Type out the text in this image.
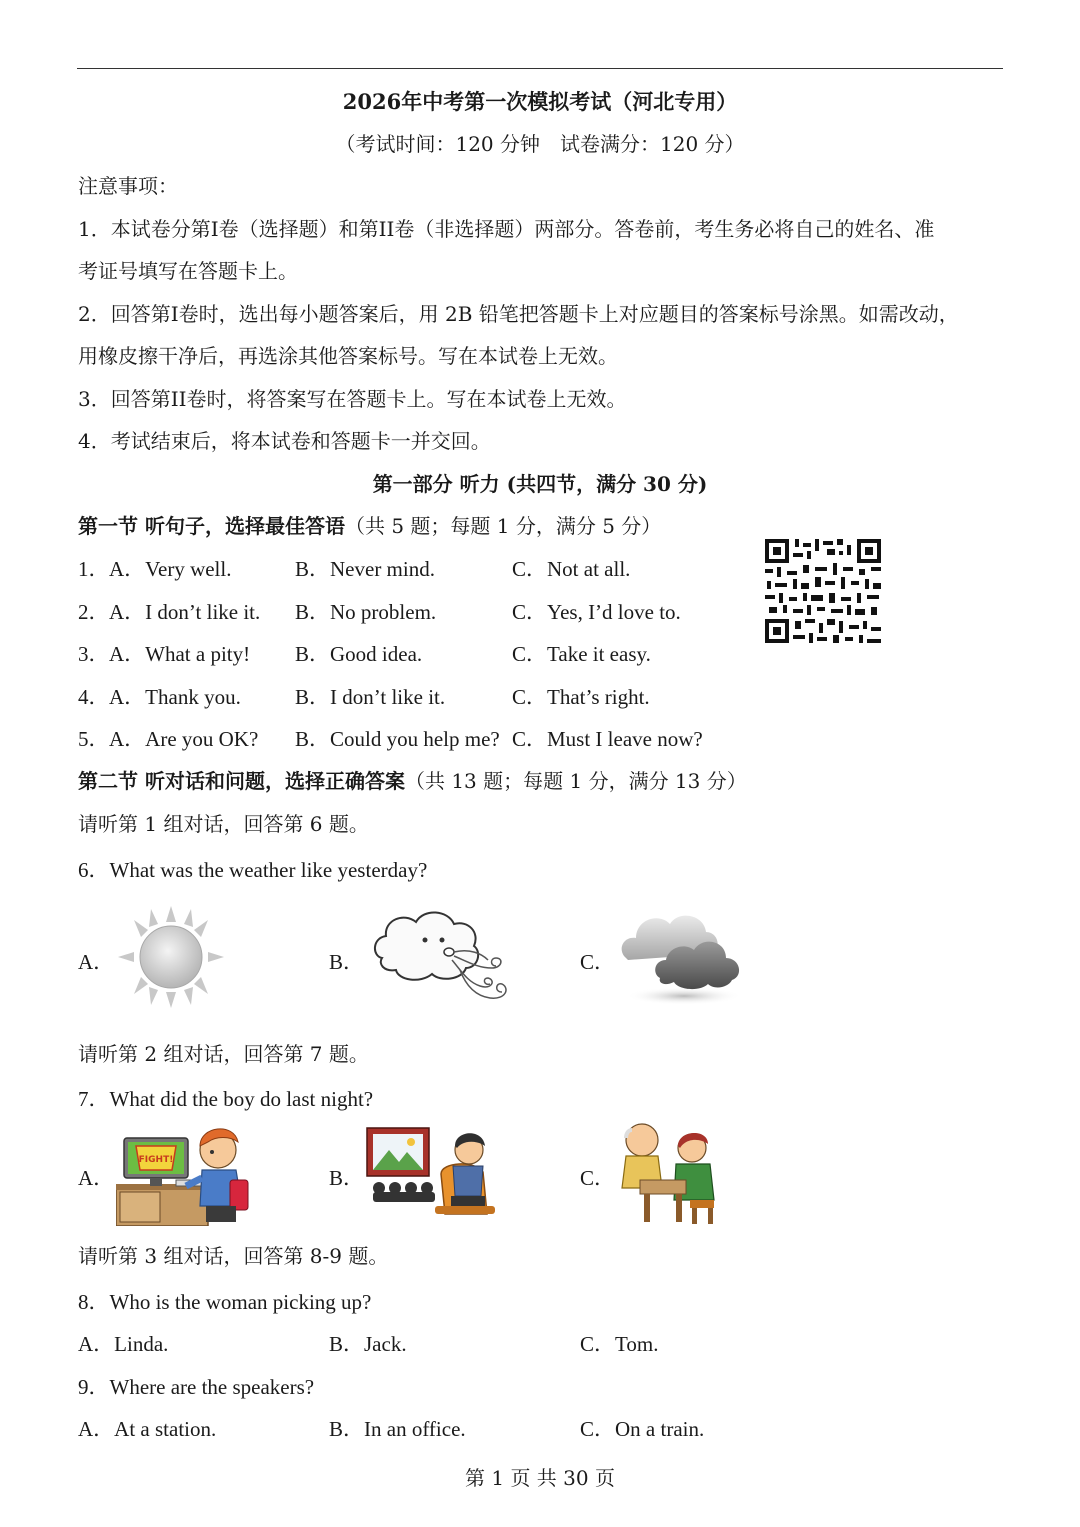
2026年中考第一次模拟考试（河北专用）
（考试时间：120 分钟　试卷满分：120 分）
注意事项：
1．本试卷分第I卷（选择题）和第II卷（非选择题）两部分。答卷前，考生务必将自己的姓名、准
考证号填写在答题卡上。
2．回答第I卷时，选出每小题答案后，用 2B 铅笔把答题卡上对应题目的答案标号涂黑。如需改动，
用橡皮擦干净后，再选涂其他答案标号。写在本试卷上无效。
3．回答第II卷时，将答案写在答题卡上。写在本试卷上无效。
4．考试结束后，将本试卷和答题卡一并交回。
第一部分 听力 (共四节，满分 30 分)
第一节 听句子，选择最佳答语（共 5 题；每题 1 分，满分 5 分）
1． A．Very well.	B．Never mind.	C．Not at all.
2． A．I don’t like it. B．No problem.	C．Yes, I’d love to.
3． A．What a pity! B．Good idea.	C．Take it easy.
4． A．Thank you.	B．I don’t like it.	C．That’s right.
5． A．Are you OK? B．Could you help me? C．Must I leave now?
第二节 听对话和问题，选择正确答案（共 13 题；每题 1 分，满分 13 分）
请听第 1 组对话，回答第 6 题。
6．What was the weather like yesterday?
A．	B．	C．
请听第 2 组对话，回答第 7 题。
7．What did the boy do last night?
A．
FIGHT!
B．	C．
请听第 3 组对话，回答第 8-9 题。
8．Who is the woman picking up?
A．Linda.	B．Jack.	C．Tom.
9．Where are the speakers?
A．At a station.	B．In an office.	C．On a train.
第 1 页 共 30 页
